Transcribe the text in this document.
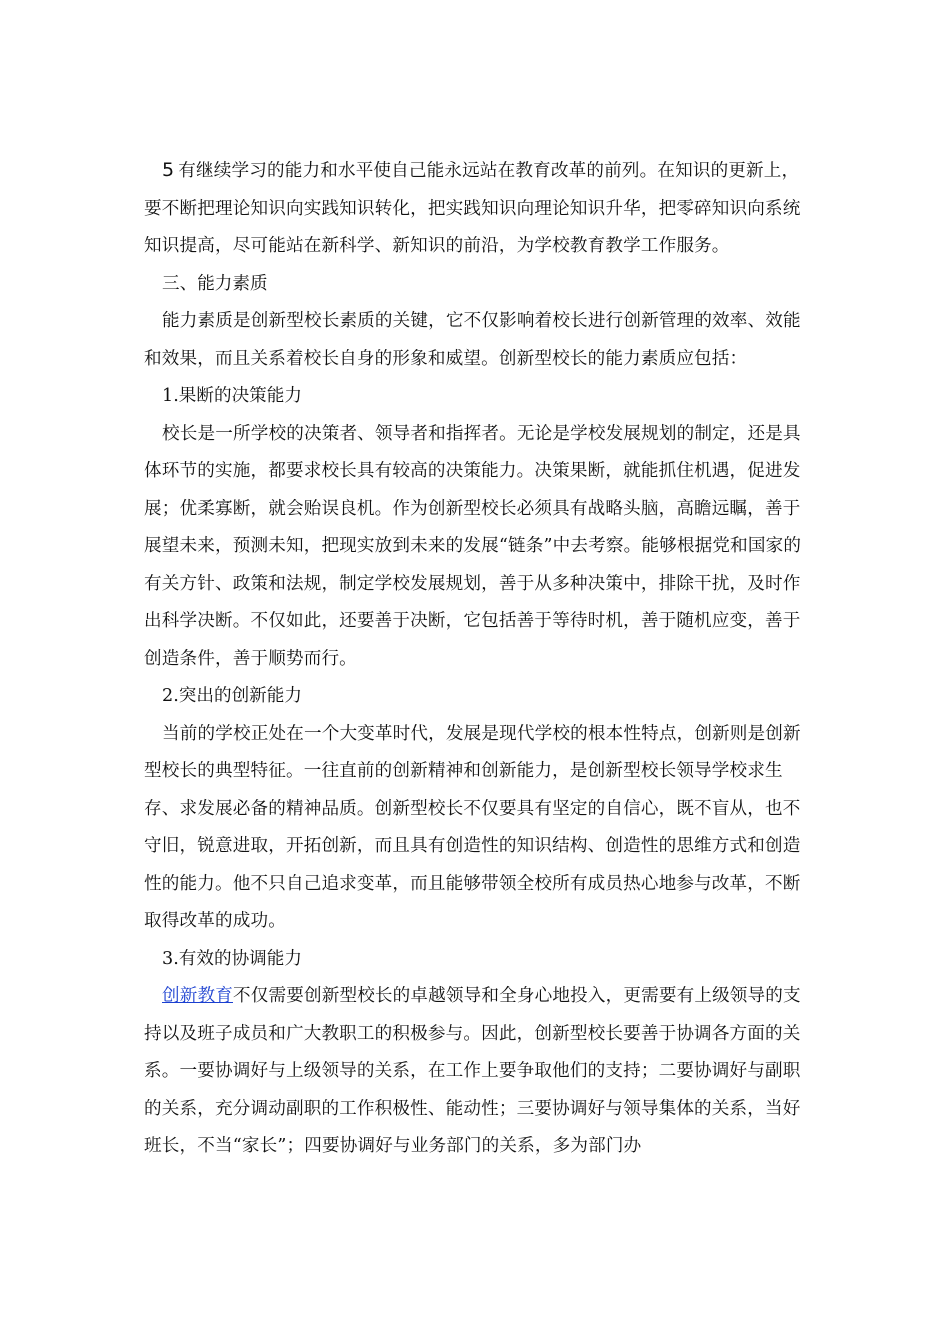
5 有继续学习的能力和水平使自己能永远站在教育改革的前列。在知识的更新上，要不断把理论知识向实践知识转化，把实践知识向理论知识升华，把零碎知识向系统知识提高，尽可能站在新科学、新知识的前沿，为学校教育教学工作服务。

三、能力素质

能力素质是创新型校长素质的关键，它不仅影响着校长进行创新管理的效率、效能和效果，而且关系着校长自身的形象和威望。创新型校长的能力素质应包括：

1.果断的决策能力

校长是一所学校的决策者、领导者和指挥者。无论是学校发展规划的制定，还是具体环节的实施，都要求校长具有较高的决策能力。决策果断，就能抓住机遇，促进发展；优柔寡断，就会贻误良机。作为创新型校长必须具有战略头脑，高瞻远瞩，善于展望未来，预测未知，把现实放到未来的发展“链条”中去考察。能够根据党和国家的有关方针、政策和法规，制定学校发展规划，善于从多种决策中，排除干扰，及时作出科学决断。不仅如此，还要善于决断，它包括善于等待时机，善于随机应变，善于创造条件，善于顺势而行。

2.突出的创新能力

当前的学校正处在一个大变革时代，发展是现代学校的根本性特点，创新则是创新型校长的典型特征。一往直前的创新精神和创新能力，是创新型校长领导学校求生存、求发展必备的精神品质。创新型校长不仅要具有坚定的自信心，既不盲从，也不守旧，锐意进取，开拓创新，而且具有创造性的知识结构、创造性的思维方式和创造性的能力。他不只自己追求变革，而且能够带领全校所有成员热心地参与改革，不断取得改革的成功。

3.有效的协调能力

创新教育不仅需要创新型校长的卓越领导和全身心地投入，更需要有上级领导的支持以及班子成员和广大教职工的积极参与。因此，创新型校长要善于协调各方面的关系。一要协调好与上级领导的关系，在工作上要争取他们的支持；二要协调好与副职的关系，充分调动副职的工作积极性、能动性；三要协调好与领导集体的关系，当好班长，不当“家长”；四要协调好与业务部门的关系，多为部门办
